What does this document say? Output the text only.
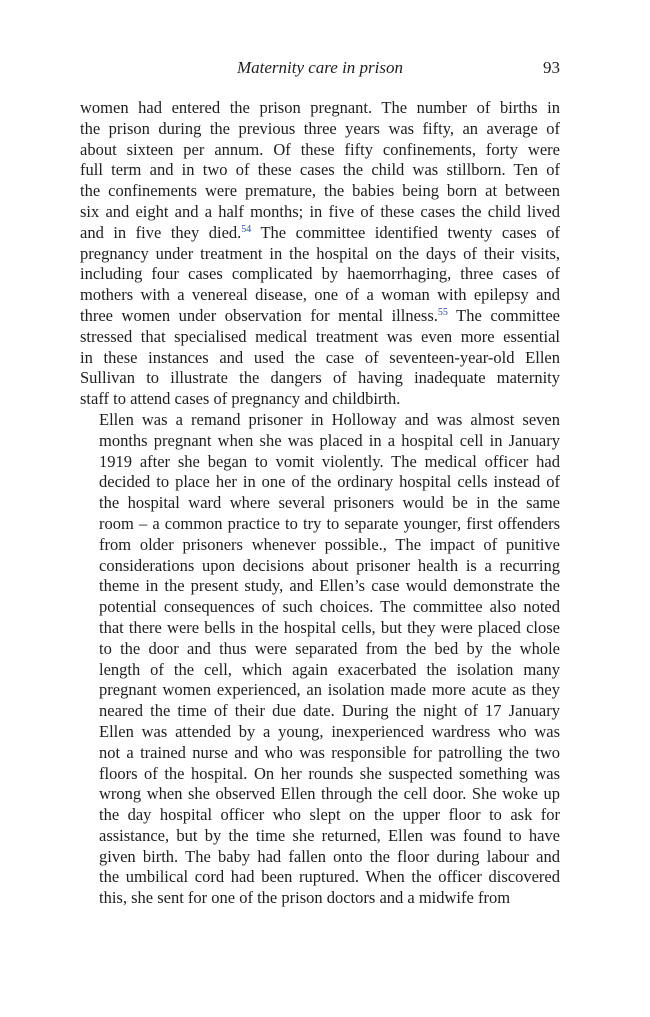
Maternity care in prison	93

women had entered the prison pregnant. The number of births in
the prison during the previous three years was fifty, an average of
about sixteen per annum. Of these fifty confinements, forty were
full term and in two of these cases the child was stillborn. Ten of
the confinements were premature, the babies being born at between
six and eight and a half months; in five of these cases the child lived
and in five they died.$^{54}$ The committee identified twenty cases of
pregnancy under treatment in the hospital on the days of their visits,
including four cases complicated by haemorrhaging, three cases of
mothers with a venereal disease, one of a woman with epilepsy and
three women under observation for mental illness.$^{55}$ The committee
stressed that specialised medical treatment was even more essential
in these instances and used the case of seventeen-year-old Ellen
Sullivan to illustrate the dangers of having inadequate maternity
staff to attend cases of pregnancy and childbirth.

Ellen was a remand prisoner in Holloway and was almost seven
months pregnant when she was placed in a hospital cell in January
1919 after she began to vomit violently. The medical officer had
decided to place her in one of the ordinary hospital cells instead of
the hospital ward where several prisoners would be in the same
room – a common practice to try to separate younger, first offenders
from older prisoners whenever possible., The impact of punitive
considerations upon decisions about prisoner health is a recurring
theme in the present study, and Ellen’s case would demonstrate the
potential consequences of such choices. The committee also noted
that there were bells in the hospital cells, but they were placed close
to the door and thus were separated from the bed by the whole
length of the cell, which again exacerbated the isolation many
pregnant women experienced, an isolation made more acute as they
neared the time of their due date. During the night of 17 January
Ellen was attended by a young, inexperienced wardress who was
not a trained nurse and who was responsible for patrolling the two
floors of the hospital. On her rounds she suspected something was
wrong when she observed Ellen through the cell door. She woke up
the day hospital officer who slept on the upper floor to ask for
assistance, but by the time she returned, Ellen was found to have
given birth. The baby had fallen onto the floor during labour and
the umbilical cord had been ruptured. When the officer discovered
this, she sent for one of the prison doctors and a midwife from
